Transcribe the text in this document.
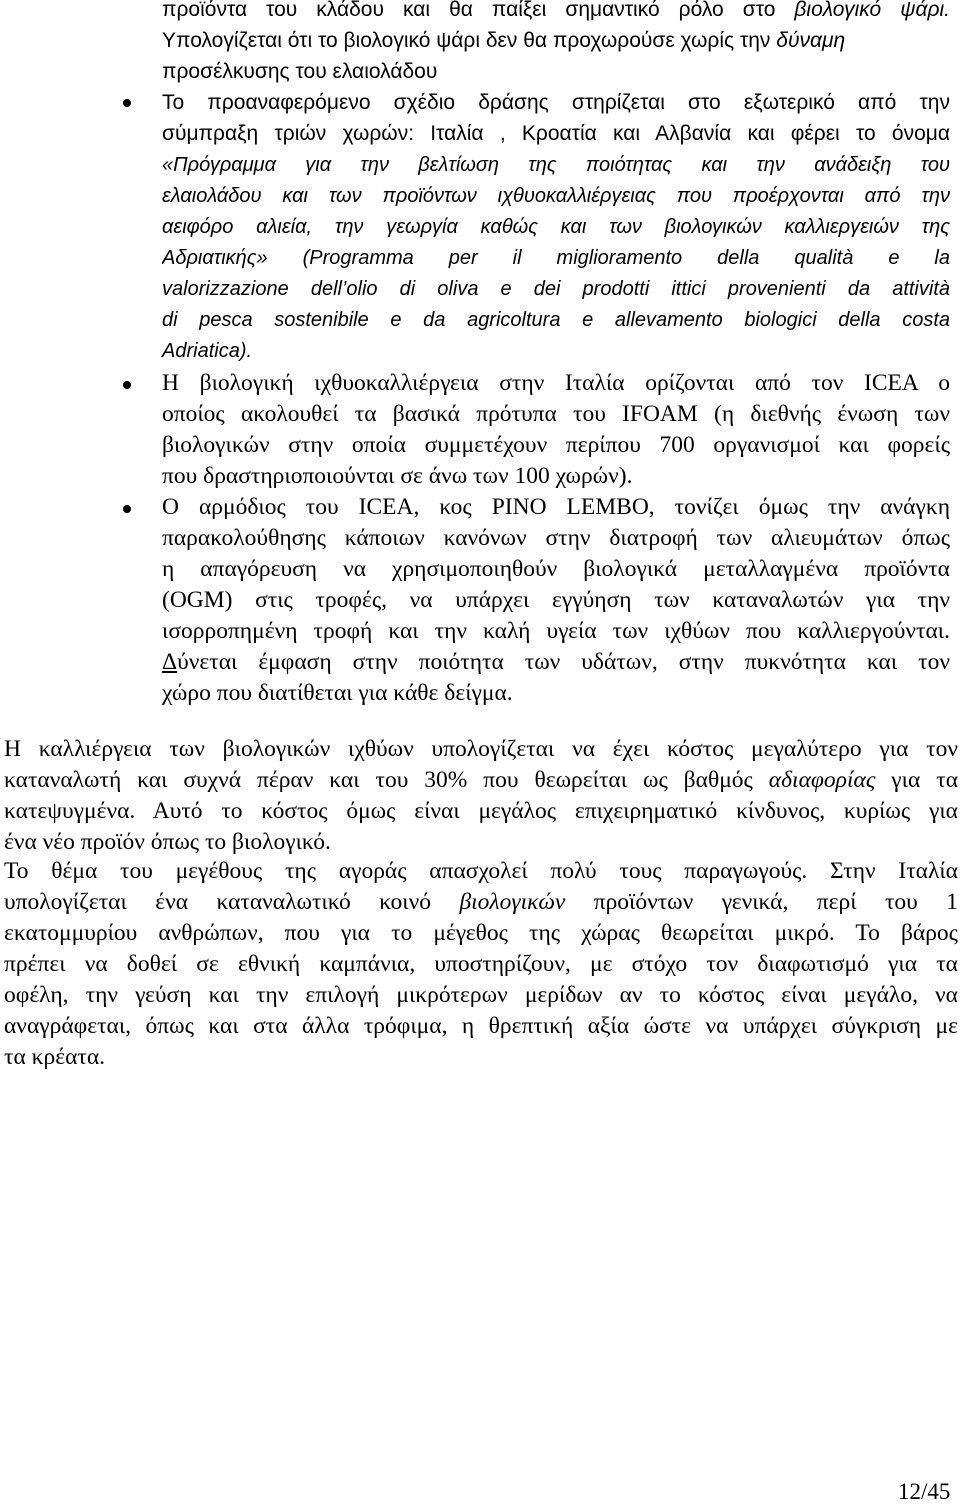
προϊόντα του κλάδου και θα παίξει σημαντικό ρόλο στο βιολογικό ψάρι.
Υπολογίζεται ότι το βιολογικό ψάρι δεν θα προχωρούσε χωρίς την δύναμη
προσέλκυσης του ελαιολάδου
Το προαναφερόμενο σχέδιο δράσης στηρίζεται στο εξωτερικό από την
σύμπραξη τριών χωρών: Ιταλία , Κροατία και Αλβανία και φέρει το όνομα
«Πρόγραμμα για την βελτίωση της ποιότητας και την ανάδειξη του
ελαιολάδου και των προϊόντων ιχθυοκαλλιέργειας που προέρχονται από την
αειφόρο αλιεία, την γεωργία καθώς και των βιολογικών καλλιεργειών της
Αδριατικής» (Programma per il miglioramento della qualità e la
valorizzazione dell’olio di oliva e dei prodotti ittici provenienti da attività
di pesca sostenibile e da agricoltura e allevamento biologici della costa
Adriatica).
Η βιολογική ιχθυοκαλλιέργεια στην Ιταλία ορίζονται από τον ICEA ο
οποίος ακολουθεί τα βασικά πρότυπα του IFOAM (η διεθνής ένωση των
βιολογικών στην οποία συμμετέχουν περίπου 700 οργανισμοί και φορείς
που δραστηριοποιούνται σε άνω των 100 χωρών).
Ο αρμόδιος του ICEA, κος PINO LEMBO, τονίζει όμως την ανάγκη
παρακολούθησης κάποιων κανόνων στην διατροφή των αλιευμάτων όπως
η απαγόρευση να χρησιμοποιηθούν βιολογικά μεταλλαγμένα προϊόντα
(OGM) στις τροφές, να υπάρχει εγγύηση των καταναλωτών για την
ισορροπημένη τροφή και την καλή υγεία των ιχθύων που καλλιεργούνται.
Δύνεται έμφαση στην ποιότητα των υδάτων, στην πυκνότητα και τον
χώρο που διατίθεται για κάθε δείγμα.
Η καλλιέργεια των βιολογικών ιχθύων υπολογίζεται να έχει κόστος μεγαλύτερο για τον
καταναλωτή και συχνά πέραν και του 30% που θεωρείται ως βαθμός αδιαφορίας για τα
κατεψυγμένα. Αυτό το κόστος όμως είναι μεγάλος επιχειρηματικό κίνδυνος, κυρίως για
ένα νέο προϊόν όπως το βιολογικό.
Το θέμα του μεγέθους της αγοράς απασχολεί πολύ τους παραγωγούς. Στην Ιταλία
υπολογίζεται ένα καταναλωτικό κοινό βιολογικών προϊόντων γενικά, περί του 1
εκατομμυρίου ανθρώπων, που για το μέγεθος της χώρας θεωρείται μικρό. Το βάρος
πρέπει να δοθεί σε εθνική καμπάνια, υποστηρίζουν, με στόχο τον διαφωτισμό για τα
οφέλη, την γεύση και την επιλογή μικρότερων μερίδων αν το κόστος είναι μεγάλο, να
αναγράφεται, όπως και στα άλλα τρόφιμα, η θρεπτική αξία ώστε να υπάρχει σύγκριση με
τα κρέατα.
12/45
